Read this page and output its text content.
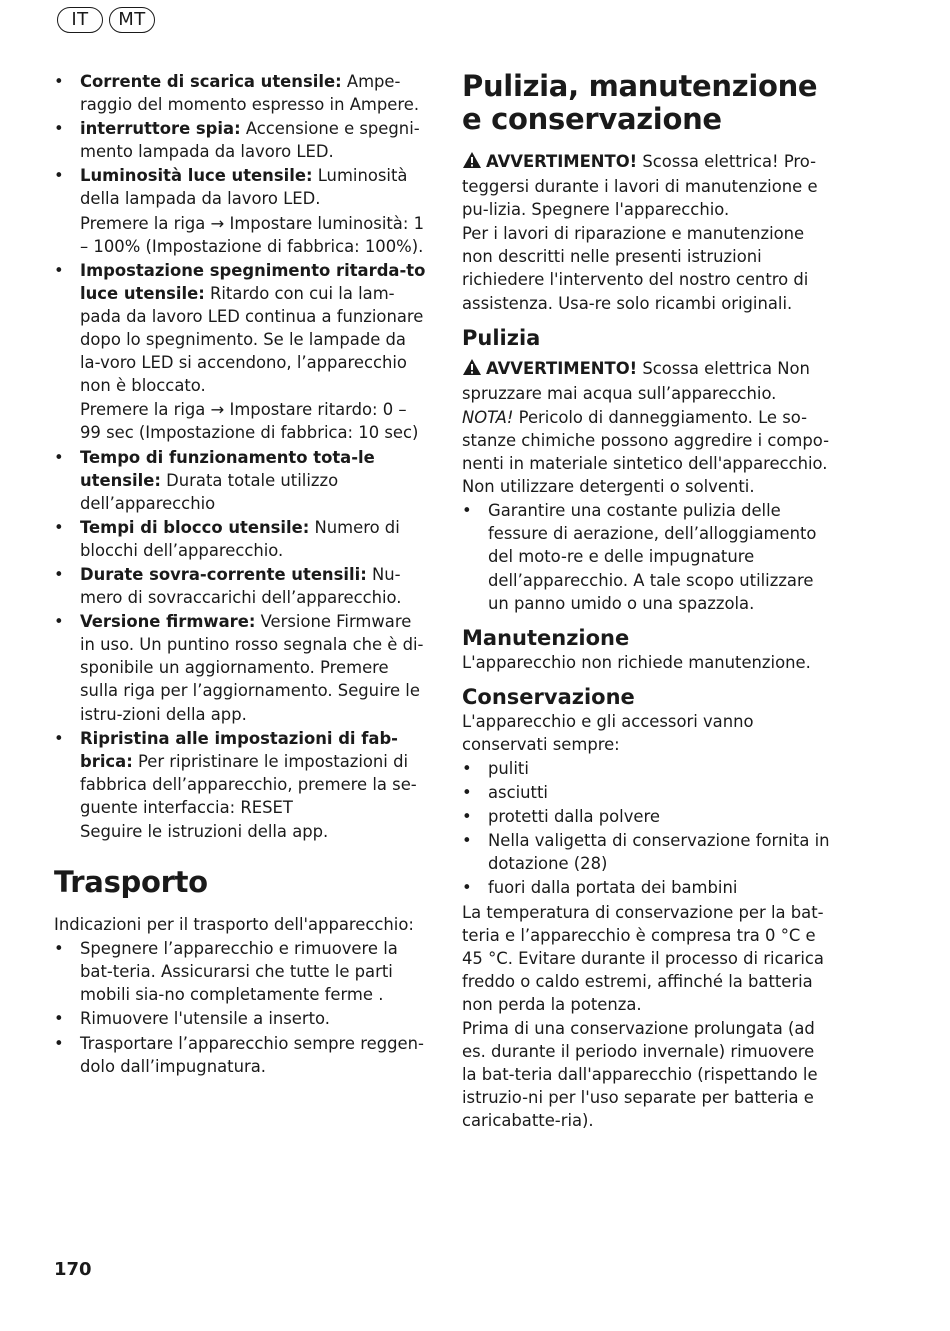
IT	MT
• Corrente di scarica utensile: Ampe-raggio del momento espresso in Ampere.
• interruttore spia: Accensione e spegni-mento lampada da lavoro LED.
• Luminosità luce utensile: Luminosità della lampada da lavoro LED.
Premere la riga → Impostare luminosità: 1 – 100% (Impostazione di fabbrica: 100%).
• Impostazione spegnimento ritarda-to luce utensile: Ritardo con cui la lam-pada da lavoro LED continua a funzionare dopo lo spegnimento. Se le lampade da la-voro LED si accendono, l’apparecchio non è bloccato.
Premere la riga → Impostare ritardo: 0 – 99 sec (Impostazione di fabbrica: 10 sec)
• Tempo di funzionamento tota-le utensile: Durata totale utilizzo dell’apparecchio
• Tempi di blocco utensile: Numero di blocchi dell’apparecchio.
• Durate sovra-corrente utensili: Nu-mero di sovraccarichi dell’apparecchio.
• Versione firmware: Versione Firmware in uso. Un puntino rosso segnala che è di-sponibile un aggiornamento. Premere sulla riga per l’aggiornamento. Seguire le istru-zioni della app.
• Ripristina alle impostazioni di fab-brica: Per ripristinare le impostazioni di fabbrica dell’apparecchio, premere la se-guente interfaccia: RESET
Seguire le istruzioni della app.
Trasporto
Indicazioni per il trasporto dell'apparecchio:
• Spegnere l’apparecchio e rimuovere la bat-teria. Assicurarsi che tutte le parti mobili sia-no completamente ferme .
• Rimuovere l'utensile a inserto.
• Trasportare l’apparecchio sempre reggen-dolo dall’impugnatura.
Pulizia, manutenzione
e conservazione
AVVERTIMENTO! Scossa elettrica! Pro-teggersi durante i lavori di manutenzione e pu-lizia. Spegnere l'apparecchio.
Per i lavori di riparazione e manutenzione non descritti nelle presenti istruzioni richiedere l'intervento del nostro centro di assistenza. Usa-re solo ricambi originali.
Pulizia
AVVERTIMENTO! Scossa elettrica Non spruzzare mai acqua sull’apparecchio.
NOTA! Pericolo di danneggiamento. Le so-stanze chimiche possono aggredire i compo-nenti in materiale sintetico dell'apparecchio. Non utilizzare detergenti o solventi.
• Garantire una costante pulizia delle fessure di aerazione, dell’alloggiamento del moto-re e delle impugnature dell’apparecchio. A tale scopo utilizzare un panno umido o una spazzola.
Manutenzione
L'apparecchio non richiede manutenzione.
Conservazione
L'apparecchio e gli accessori vanno conservati sempre:
• puliti
• asciutti
• protetti dalla polvere
• Nella valigetta di conservazione fornita in dotazione (28)
• fuori dalla portata dei bambini
La temperatura di conservazione per la bat-teria e l’apparecchio è compresa tra 0 °C e 45 °C. Evitare durante il processo di ricarica freddo o caldo estremi, affinché la batteria non perda la potenza.
Prima di una conservazione prolungata (ad es. durante il periodo invernale) rimuovere la bat-teria dall'apparecchio (rispettando le istruzio-ni per l'uso separate per batteria e caricabatte-ria).
170
